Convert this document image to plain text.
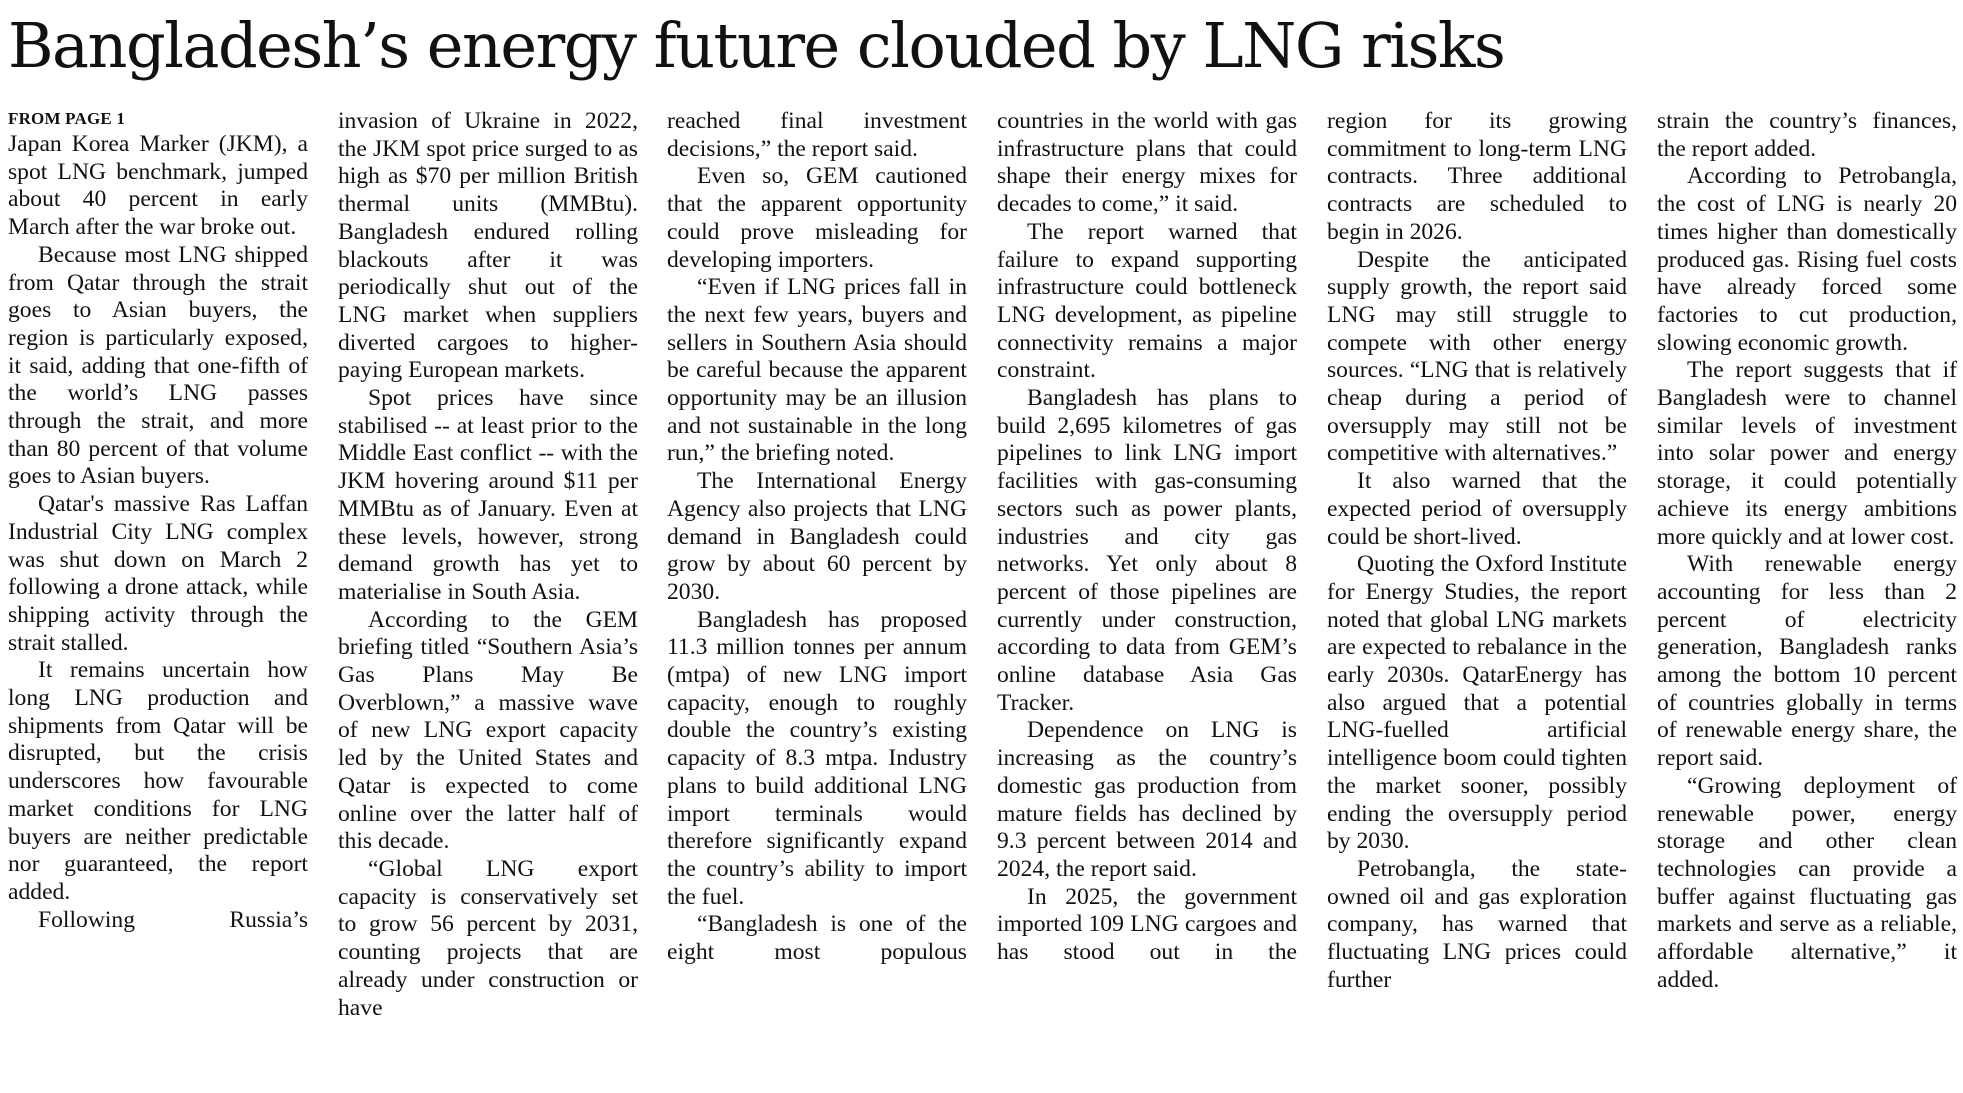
Bangladesh’s energy future clouded by LNG risks
FROM PAGE 1

Japan Korea Marker (JKM), a spot LNG benchmark, jumped about 40 percent in early March after the war broke out.

Because most LNG shipped from Qatar through the strait goes to Asian buyers, the region is particularly exposed, it said, adding that one-fifth of the world’s LNG passes through the strait, and more than 80 percent of that volume goes to Asian buyers.

Qatar's massive Ras Laffan Industrial City LNG complex was shut down on March 2 following a drone attack, while shipping activity through the strait stalled.

It remains uncertain how long LNG production and shipments from Qatar will be disrupted, but the crisis underscores how favourable market conditions for LNG buyers are neither predictable nor guaranteed, the report added.

Following Russia’s

invasion of Ukraine in 2022, the JKM spot price surged to as high as $70 per million British thermal units (MMBtu). Bangladesh endured rolling blackouts after it was periodically shut out of the LNG market when suppliers diverted cargoes to higher-paying European markets.

Spot prices have since stabilised -- at least prior to the Middle East conflict -- with the JKM hovering around $11 per MMBtu as of January. Even at these levels, however, strong demand growth has yet to materialise in South Asia.

According to the GEM briefing titled “Southern Asia’s Gas Plans May Be Overblown,” a massive wave of new LNG export capacity led by the United States and Qatar is expected to come online over the latter half of this decade.

“Global LNG export capacity is conservatively set to grow 56 percent by 2031, counting projects that are already under construction or have

reached final investment decisions,” the report said.

Even so, GEM cautioned that the apparent opportunity could prove misleading for developing importers.

“Even if LNG prices fall in the next few years, buyers and sellers in Southern Asia should be careful because the apparent opportunity may be an illusion and not sustainable in the long run,” the briefing noted.

The International Energy Agency also projects that LNG demand in Bangladesh could grow by about 60 percent by 2030.

Bangladesh has proposed 11.3 million tonnes per annum (mtpa) of new LNG import capacity, enough to roughly double the country’s existing capacity of 8.3 mtpa. Industry plans to build additional LNG import terminals would therefore significantly expand the country’s ability to import the fuel.

“Bangladesh is one of the eight most populous

countries in the world with gas infrastructure plans that could shape their energy mixes for decades to come,” it said.

The report warned that failure to expand supporting infrastructure could bottleneck LNG development, as pipeline connectivity remains a major constraint.

Bangladesh has plans to build 2,695 kilometres of gas pipelines to link LNG import facilities with gas-consuming sectors such as power plants, industries and city gas networks. Yet only about 8 percent of those pipelines are currently under construction, according to data from GEM’s online database Asia Gas Tracker.

Dependence on LNG is increasing as the country’s domestic gas production from mature fields has declined by 9.3 percent between 2014 and 2024, the report said.

In 2025, the government imported 109 LNG cargoes and has stood out in the

region for its growing commitment to long-term LNG contracts. Three additional contracts are scheduled to begin in 2026.

Despite the anticipated supply growth, the report said LNG may still struggle to compete with other energy sources. “LNG that is relatively cheap during a period of oversupply may still not be competitive with alternatives.”

It also warned that the expected period of oversupply could be short-lived.

Quoting the Oxford Institute for Energy Studies, the report noted that global LNG markets are expected to rebalance in the early 2030s. QatarEnergy has also argued that a potential LNG-fuelled artificial intelligence boom could tighten the market sooner, possibly ending the oversupply period by 2030.

Petrobangla, the state-owned oil and gas exploration company, has warned that fluctuating LNG prices could further

strain the country’s finances, the report added.

According to Petrobangla, the cost of LNG is nearly 20 times higher than domestically produced gas. Rising fuel costs have already forced some factories to cut production, slowing economic growth.

The report suggests that if Bangladesh were to channel similar levels of investment into solar power and energy storage, it could potentially achieve its energy ambitions more quickly and at lower cost.

With renewable energy accounting for less than 2 percent of electricity generation, Bangladesh ranks among the bottom 10 percent of countries globally in terms of renewable energy share, the report said.

“Growing deployment of renewable power, energy storage and other clean technologies can provide a buffer against fluctuating gas markets and serve as a reliable, affordable alternative,” it added.
